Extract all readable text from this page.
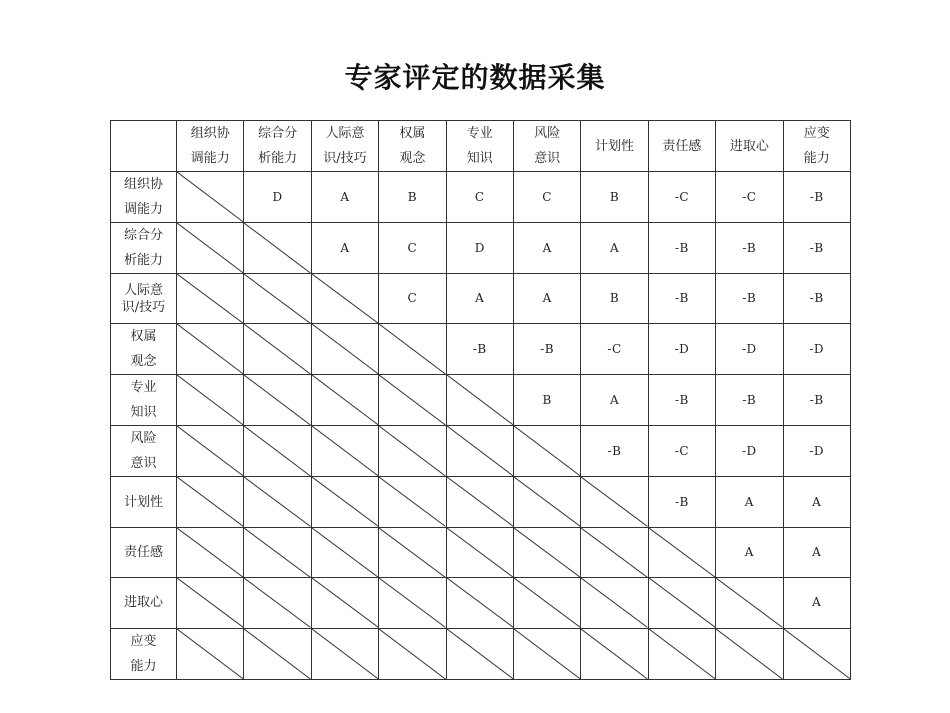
专家评定的数据采集

	组织协
调能力	综合分
析能力	人际意
识/技巧	权属
观念	专业
知识	风险
意识	计划性	责任感	进取心	应变
能力

组织协
调能力		D	A	B	C	C	B	-C	-C	-B

综合分
析能力			A	C	D	A	A	-B	-B	-B

人际意
识/技巧				C	A	A	B	-B	-B	-B

权属
观念					-B	-B	-C	-D	-D	-D

专业
知识						B	A	-B	-B	-B

风险
意识							-B	-C	-D	-D

计划性								-B	A	A

责任感									A	A

进取心										A

应变
能力
